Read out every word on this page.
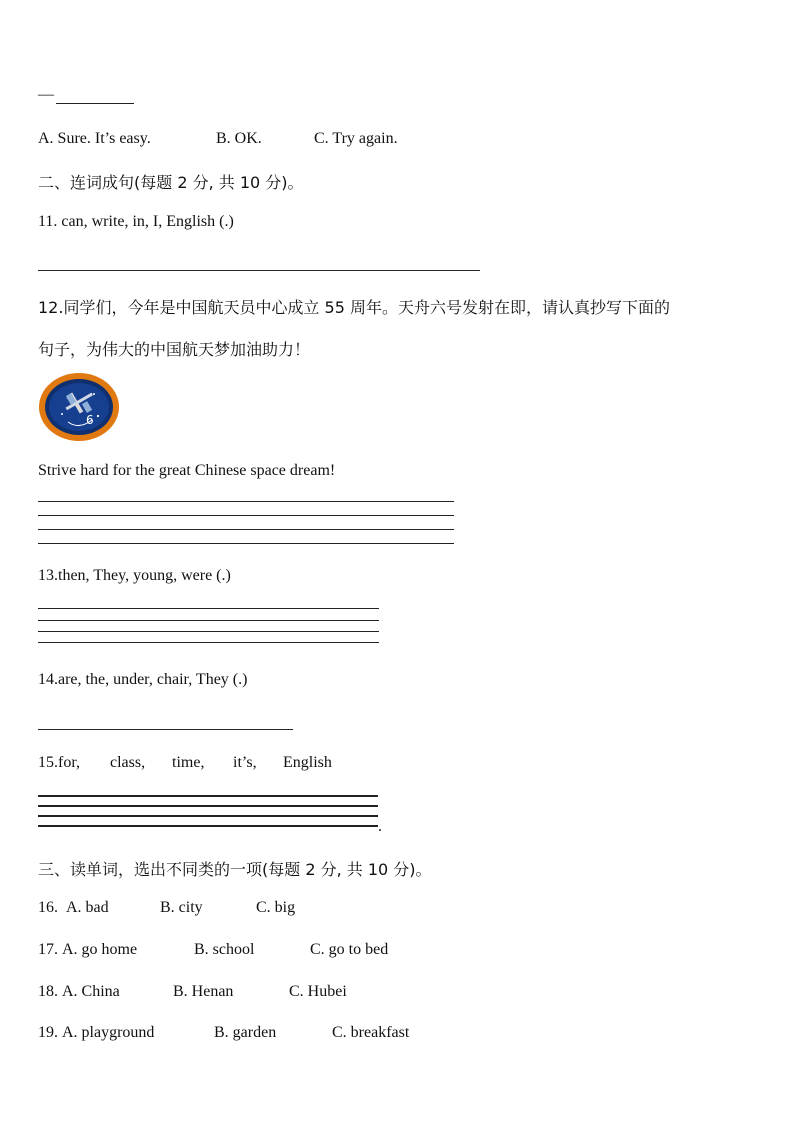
—
A. Sure. It’s easy.	B. OK.	C. Try again.
二、连词成句(每题 2 分, 共 10 分)。
11. can, write, in, I, English (.)
12.同学们，今年是中国航天员中心成立 55 周年。天舟六号发射在即，请认真抄写下面的
句子，为伟大的中国航天梦加油助力！
6
Strive hard for the great Chinese space dream!
13.then, They, young, were (.)
14.are, the, under, chair, They (.)
15.for, class, time, it’s, English
.
三、读单词，选出不同类的一项(每题 2 分, 共 10 分)。
16. A. bad	B. city	C. big
17. A. go home	B. school	C. go to bed
18. A. China	B. Henan	C. Hubei
19. A. playground	B. garden	C. breakfast
